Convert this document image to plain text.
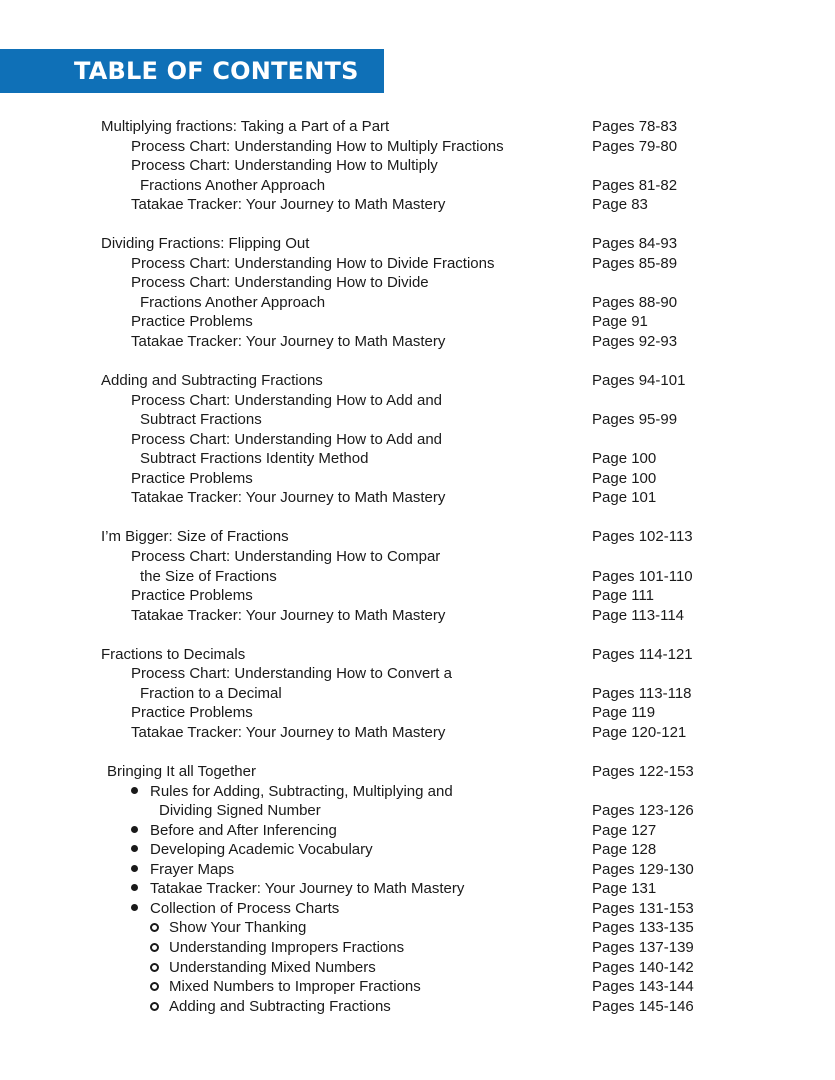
TABLE OF CONTENTS
Multiplying fractions: Taking a Part of a Part	Pages 78-83
Process Chart: Understanding How to Multiply Fractions	Pages 79-80
Process Chart: Understanding How to Multiply
Fractions Another Approach	Pages 81-82
Tatakae Tracker: Your Journey to Math Mastery	Page 83
Dividing Fractions: Flipping Out	Pages 84-93
Process Chart: Understanding How to Divide Fractions	Pages 85-89
Process Chart: Understanding How to Divide
Fractions Another Approach	Pages 88-90
Practice Problems	Page 91
Tatakae Tracker: Your Journey to Math Mastery	Pages 92-93
Adding and Subtracting Fractions	Pages 94-101
Process Chart: Understanding How to Add and
Subtract Fractions	Pages 95-99
Process Chart: Understanding How to Add and
Subtract Fractions Identity Method	Page 100
Practice Problems	Page 100
Tatakae Tracker: Your Journey to Math Mastery	Page 101
I’m Bigger: Size of Fractions	Pages 102-113
Process Chart: Understanding How to Compar
the Size of Fractions	Pages 101-110
Practice Problems	Page 111
Tatakae Tracker: Your Journey to Math Mastery	Page 113-114
Fractions to Decimals	Pages 114-121
Process Chart: Understanding How to Convert a
Fraction to a Decimal	Pages 113-118
Practice Problems	Page 119
Tatakae Tracker: Your Journey to Math Mastery	Page 120-121
Bringing It all Together	Pages 122-153
Rules for Adding, Subtracting, Multiplying and
Dividing Signed Number	Pages 123-126
Before and After Inferencing	Page 127
Developing Academic Vocabulary	Page 128
Frayer Maps	Pages 129-130
Tatakae Tracker: Your Journey to Math Mastery	Page 131
Collection of Process Charts	Pages 131-153
Show Your Thanking	Pages 133-135
Understanding Impropers Fractions	Pages 137-139
Understanding Mixed Numbers	Pages 140-142
Mixed Numbers to Improper Fractions	Pages 143-144
Adding and Subtracting Fractions	Pages 145-146
